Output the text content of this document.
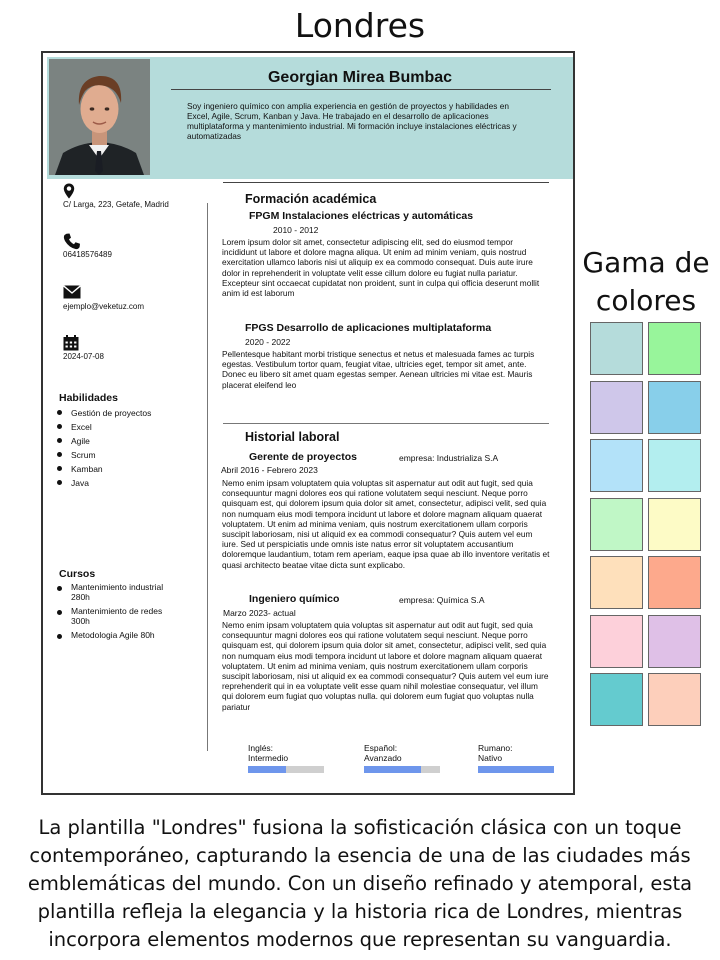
Londres
Georgian Mirea Bumbac
Soy ingeniero químico con amplia experiencia en gestión de proyectos y habilidades en Excel, Agile, Scrum, Kanban y Java. He trabajado en el desarrollo de aplicaciones multiplataforma y mantenimiento industrial. Mi formación incluye instalaciones eléctricas y automatizadas
C/ Larga, 223, Getafe, Madrid
06418576489
ejemplo@veketuz.com
2024-07-08
Habilidades
Gestión de proyectos
Excel
Agile
Scrum
Kamban
Java
Cursos
Mantenimiento industrial 280h
Mantenimiento de redes 300h
Metodologia Agile 80h
Formación académica
FPGM Instalaciones eléctricas y automáticas
2010 - 2012
Lorem ipsum dolor sit amet, consectetur adipiscing elit, sed do eiusmod tempor incididunt ut labore et dolore magna aliqua. Ut enim ad minim veniam, quis nostrud exercitation ullamco laboris nisi ut aliquip ex ea commodo consequat. Duis aute irure dolor in reprehenderit in voluptate velit esse cillum dolore eu fugiat nulla pariatur. Excepteur sint occaecat cupidatat non proident, sunt in culpa qui officia deserunt mollit anim id est laborum
FPGS Desarrollo de aplicaciones multiplataforma
2020 - 2022
Pellentesque habitant morbi tristique senectus et netus et malesuada fames ac turpis egestas. Vestibulum tortor quam, feugiat vitae, ultricies eget, tempor sit amet, ante. Donec eu libero sit amet quam egestas semper. Aenean ultricies mi vitae est. Mauris placerat eleifend leo
Historial laboral
Gerente de proyectos	empresa: Industrializa S.A
Abril 2016 - Febrero 2023
Nemo enim ipsam voluptatem quia voluptas sit aspernatur aut odit aut fugit, sed quia consequuntur magni dolores eos qui ratione volutatem sequi nesciunt. Neque porro quisquam est, qui dolorem ipsum quia dolor sit amet, consectetur, adipisci velit, sed quia non numquam eius modi tempora incidunt ut labore et dolore magnam aliquam quaerat voluptatem. Ut enim ad minima veniam, quis nostrum exercitationem ullam corporis suscipit laboriosam, nisi ut aliquid ex ea commodi consequatur? Quis autem vel eum iure. Sed ut perspiciatis unde omnis iste natus error sit voluptatem accusantium doloremque laudantium, totam rem aperiam, eaque ipsa quae ab illo inventore veritatis et quasi architecto beatae vitae dicta sunt explicabo.
Ingeniero químico	empresa: Química S.A
Marzo 2023- actual
Nemo enim ipsam voluptatem quia voluptas sit aspernatur aut odit aut fugit, sed quia consequuntur magni dolores eos qui ratione volutatem sequi nesciunt. Neque porro quisquam est, qui dolorem ipsum quia dolor sit amet, consectetur, adipisci velit, sed quia non numquam eius modi tempora incidunt ut labore et dolore magnam aliquam quaerat voluptatem. Ut enim ad minima veniam, quis nostrum exercitationem ullam corporis suscipit laboriosam, nisi ut aliquid ex ea commodi consequatur? Quis autem vel eum iure reprehenderit qui in ea voluptate velit esse quam nihil molestiae consequatur, vel illum qui dolorem eum fugiat quo voluptas nulla. qui dolorem eum fugiat quo voluptas nulla pariatur
Inglés:
Intermedio
Español:
Avanzado
Rumano:
Nativo
Gama de colores
La plantilla "Londres" fusiona la sofisticación clásica con un toque contemporáneo, capturando la esencia de una de las ciudades más emblemáticas del mundo. Con un diseño refinado y atemporal, esta plantilla refleja la elegancia y la historia rica de Londres, mientras incorpora elementos modernos que representan su vanguardia.
